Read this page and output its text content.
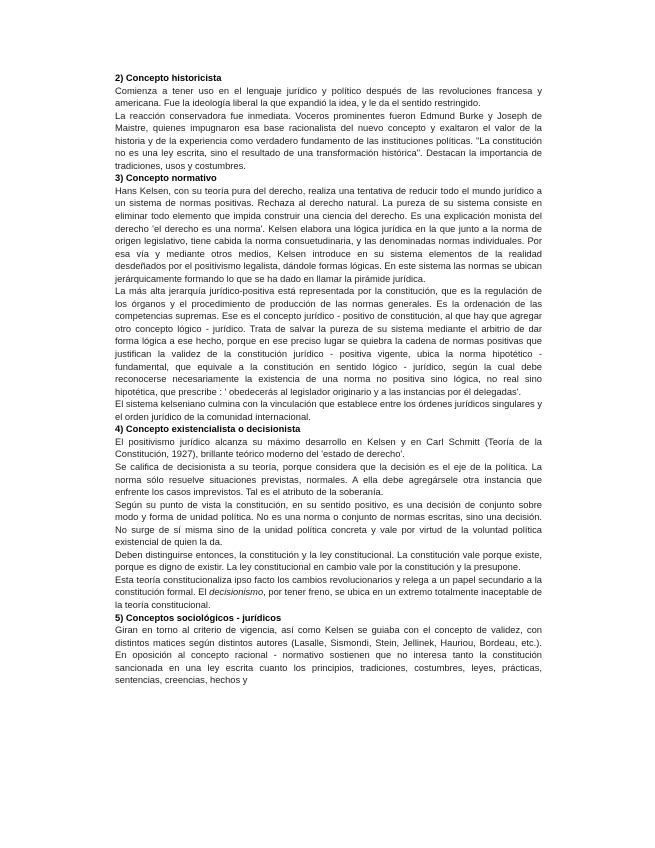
2) Concepto historicista

Comienza a tener uso en el lenguaje jurídico y político después de las revoluciones francesa y americana. Fue la ideología liberal la que expandió la idea, y le da el sentido restringido.

La reacción conservadora fue inmediata. Voceros prominentes fueron Edmund Burke y Joseph de Maistre, quienes impugnaron esa base racionalista del nuevo concepto y exaltaron el valor de la historia y de la experiencia como verdadero fundamento de las instituciones políticas. "La constitución no es una ley escrita, sino el resultado de una transformación histórica". Destacan la importancia de tradiciones, usos y costumbres.

3) Concepto normativo

Hans Kelsen, con su teoría pura del derecho, realiza una tentativa de reducir todo el mundo jurídico a un sistema de normas positivas. Rechaza al derecho natural. La pureza de su sistema consiste en eliminar todo elemento que impida construir una ciencia del derecho. Es una explicación monista del derecho 'el derecho es una norma'. Kelsen elabora una lógica jurídica en la que junto a la norma de origen legislativo, tiene cabida la norma consuetudinaria, y las denominadas normas individuales. Por esa vía y mediante otros medios, Kelsen introduce en su sistema elementos de la realidad desdeñados por el positivismo legalista, dándole formas lógicas. En este sistema las normas se ubican jerárquicamente formando lo que se ha dado en llamar la pirámide jurídica.

La más alta jerarquía jurídico-positiva está representada por la constitución, que es la regulación de los órganos y el procedimiento de producción de las normas generales. Es la ordenación de las competencias supremas. Ese es el concepto jurídico - positivo de constitución, al que hay que agregar otro concepto lógico - jurídico. Trata de salvar la pureza de su sistema mediante el arbitrio de dar forma lógica a ese hecho, porque en ese preciso lugar se quiebra la cadena de normas positivas que justifican la validez de la constitución jurídico - positiva vigente, ubica la norma hipotético - fundamental, que equivale a la constitución en sentido lógico - jurídico, según la cual debe reconocerse necesariamente la existencia de una norma no positiva sino lógica, no real sino hipotética, que prescribe : ' obedecerás al legislador originario y a las instancias por él delegadas'.

El sistema kelseniano culmina con la vinculación que establece entre los órdenes jurídicos singulares y el orden jurídico de la comunidad internacional.

4) Concepto existencialista o decisionista

El positivismo jurídico alcanza su máximo desarrollo en Kelsen y en Carl Schmitt (Teoría de la Constitución, 1927), brillante teórico moderno del 'estado de derecho'.

Se califica de decisionista a su teoría, porque considera que la decisión es el eje de la política. La norma sólo resuelve situaciones previstas, normales. A ella debe agregársele otra instancia que enfrente los casos imprevistos. Tal es el atributo de la soberanía.

Según su punto de vista la constitución, en su sentido positivo, es una decisión de conjunto sobre modo y forma de unidad política. No es una norma o conjunto de normas escritas, sino una decisión. No surge de sí misma sino de la unidad política concreta y vale por virtud de la voluntad política existencial de quien la da.

Deben distinguirse entonces, la constitución y la ley constitucional. La constitución vale porque existe, porque es digno de existir. La ley constitucional en cambio vale por la constitución y la presupone.

Esta teoría constitucionaliza ipso facto los cambios revolucionarios y relega a un papel secundario a la constitución formal. El decisionismo, por tener freno, se ubica en un extremo totalmente inaceptable de la teoría constitucional.

5) Conceptos sociológicos - jurídicos

Giran en torno al criterio de vigencia, así como Kelsen se guiaba con el concepto de validez, con distintos matices según distintos autores (Lasalle, Sismondi, Stein, Jellinek, Hauriou, Bordeau, etc.). En oposición al concepto racional - normativo sostienen que no interesa tanto la constitución sancionada en una ley escrita cuanto los principios, tradiciones, costumbres, leyes, prácticas, sentencias, creencias, hechos y
